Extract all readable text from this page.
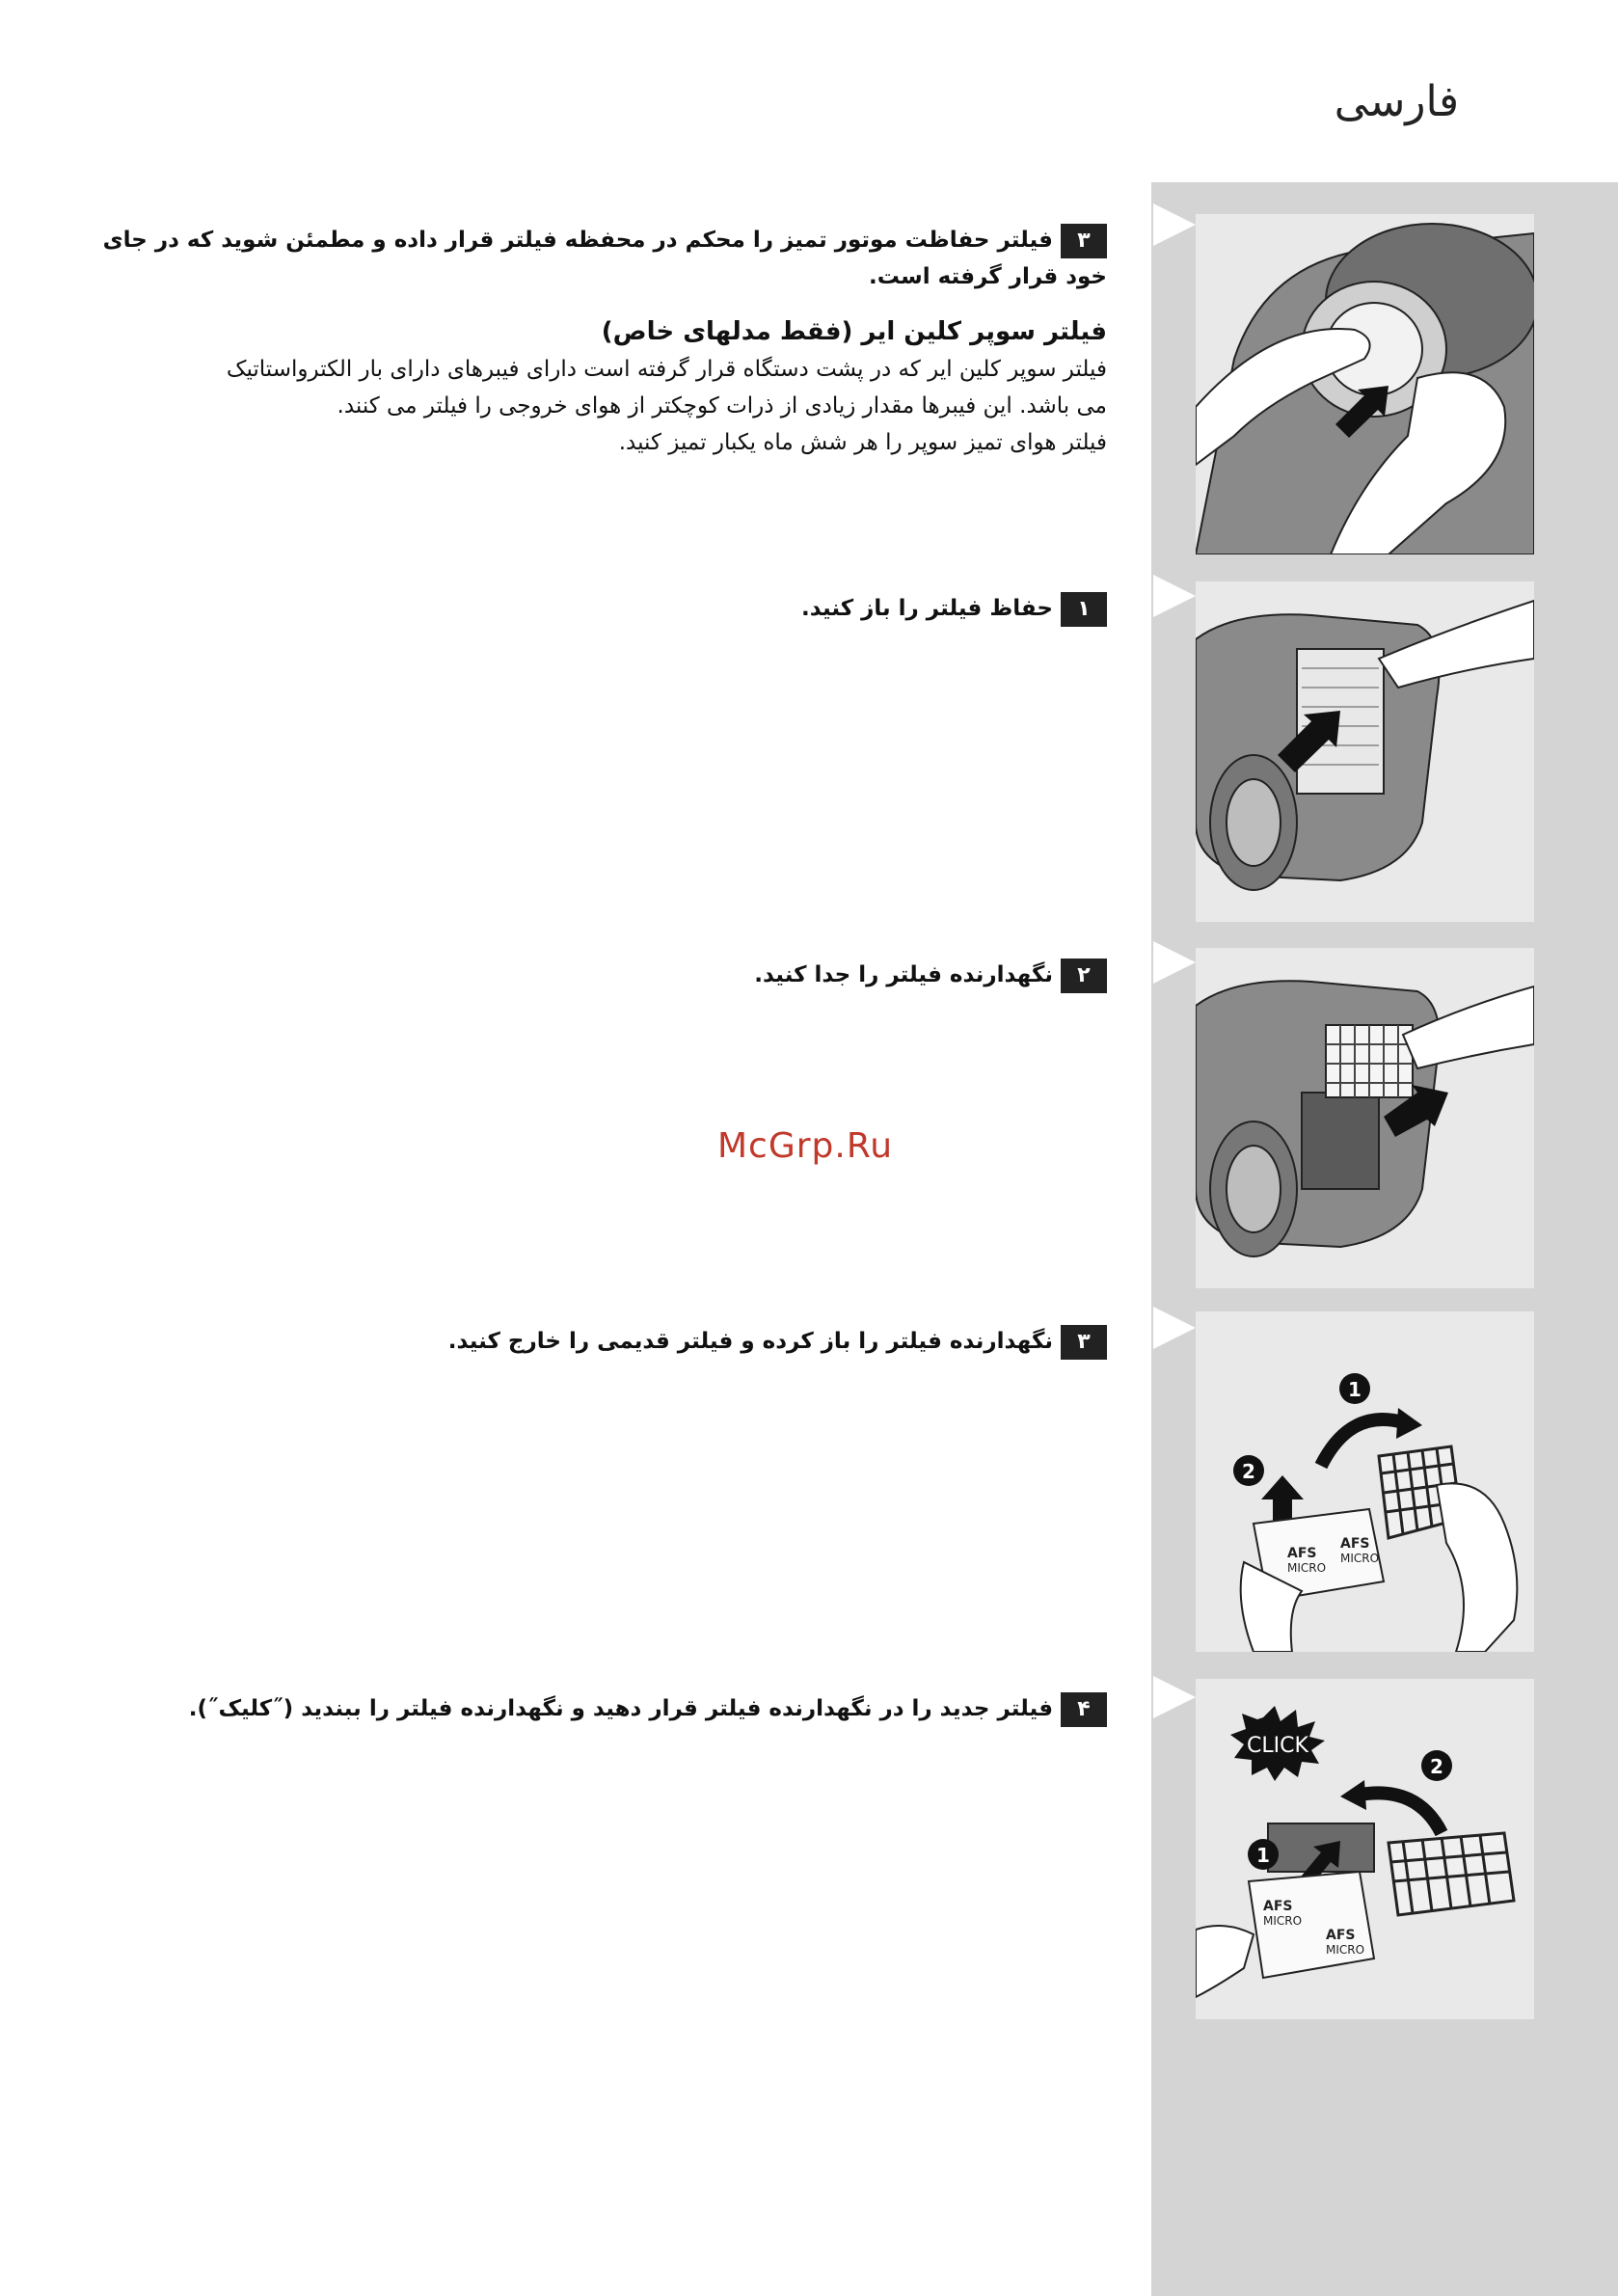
فارسی
1
2
AFS
MICRO
AFS
MICRO
CLICK
2
1
AFS
MICRO
AFS
MICRO
۳فیلتر حفاظت موتور تمیز را محکم در محفظه فیلتر قرار داده و مطمئن شوید که در جای خود قرار گرفته است.
فیلتر سوپر کلین ایر (فقط مدلهای خاص)
فیلتر سوپر کلین ایر که در پشت دستگاه قرار گرفته است دارای فیبرهای دارای بار الکترواستاتیک
می باشد. این فیبرها مقدار زیادی از ذرات کوچکتر از هوای خروجی را فیلتر می کنند.
فیلتر هوای تمیز سوپر را هر شش ماه یکبار تمیز کنید.
۱حفاظ فیلتر را باز کنید.
۲نگهدارنده فیلتر را جدا کنید.
۳نگهدارنده فیلتر را باز کرده و فیلتر قدیمی را خارج کنید.
۴فیلتر جدید را در نگهدارنده فیلتر قرار دهید و نگهدارنده فیلتر را ببندید (˝کلیک˝).
McGrp.Ru
